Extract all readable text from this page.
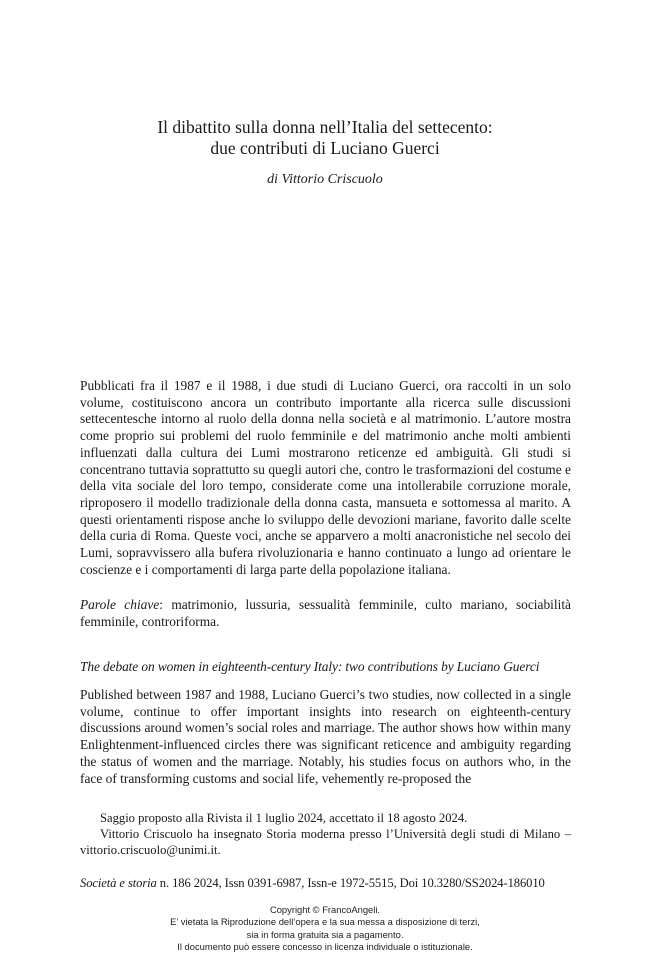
Il dibattito sulla donna nell’Italia del settecento:
due contributi di Luciano Guerci
di Vittorio Criscuolo
Pubblicati fra il 1987 e il 1988, i due studi di Luciano Guerci, ora raccolti in un solo volume, costituiscono ancora un contributo importante alla ricerca sulle discussioni settecentesche intorno al ruolo della donna nella società e al matrimonio. L’autore mostra come proprio sui problemi del ruolo femminile e del matrimonio anche molti ambienti influenzati dalla cultura dei Lumi mostrarono reticenze ed ambiguità. Gli studi si concentrano tuttavia soprattutto su quegli autori che, contro le trasformazioni del costume e della vita sociale del loro tempo, considerate come una intollerabile corruzione morale, riproposero il modello tradizionale della donna casta, mansueta e sottomessa al marito. A questi orientamenti rispose anche lo sviluppo delle devozioni mariane, favorito dalle scelte della curia di Roma. Queste voci, anche se apparvero a molti anacronistiche nel secolo dei Lumi, sopravvissero alla bufera rivoluzionaria e hanno continuato a lungo ad orientare le coscienze e i comportamenti di larga parte della popolazione italiana.
Parole chiave: matrimonio, lussuria, sessualità femminile, culto mariano, sociabilità femminile, controriforma.
The debate on women in eighteenth-century Italy: two contributions by Luciano Guerci
Published between 1987 and 1988, Luciano Guerci’s two studies, now collected in a single volume, continue to offer important insights into research on eighteenth-century discussions around women’s social roles and marriage. The author shows how within many Enlightenment-influenced circles there was significant reticence and ambiguity regarding the status of women and the marriage. Notably, his studies focus on authors who, in the face of transforming customs and social life, vehemently re-proposed the

Saggio proposto alla Rivista il 1 luglio 2024, accettato il 18 agosto 2024.

Vittorio Criscuolo ha insegnato Storia moderna presso l’Università degli studi di Milano – vittorio.criscuolo@unimi.it.

Società e storia n. 186 2024, Issn 0391-6987, Issn-e 1972-5515, Doi 10.3280/SS2024-186010
Copyright © FrancoAngeli.
E’ vietata la Riproduzione dell’opera e la sua messa a disposizione di terzi,
sia in forma gratuita sia a pagamento.
Il documento può essere concesso in licenza individuale o istituzionale.
